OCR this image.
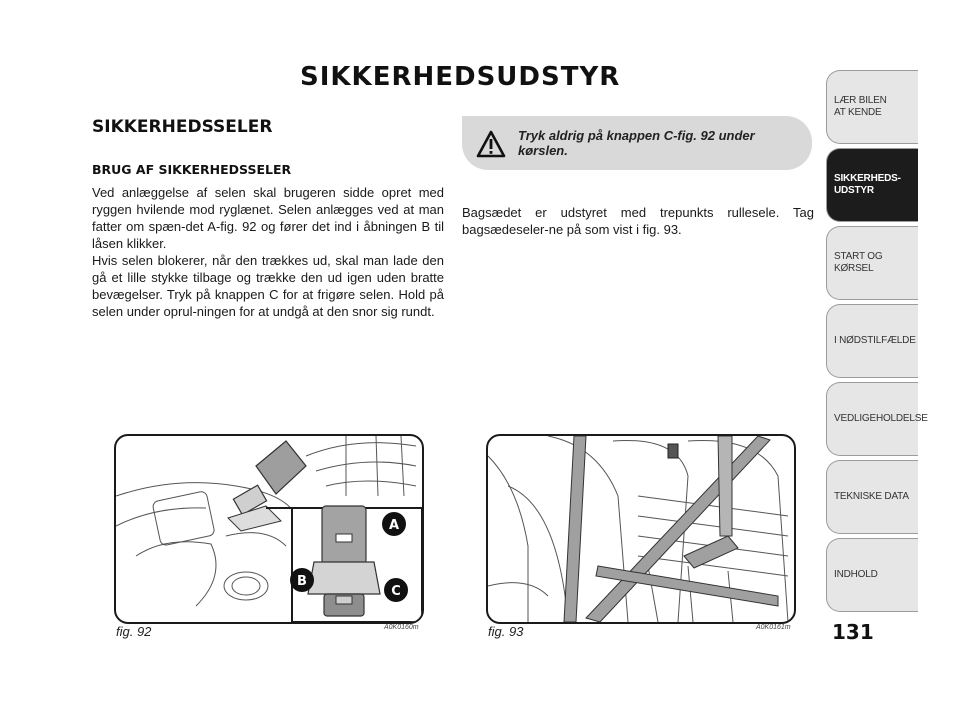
SIKKERHEDSUDSTYR
SIKKERHEDSSELER
BRUG AF SIKKERHEDSSELER

Ved anlæggelse af selen skal brugeren sidde opret med ryggen hvilende mod ryglænet. Selen anlægges ved at man fatter om spæn-det A-fig. 92 og fører det ind i åbningen B til låsen klikker.

Hvis selen blokerer, når den trækkes ud, skal man lade den gå et lille stykke tilbage og trække den ud igen uden bratte bevægelser. Tryk på knappen C for at frigøre selen. Hold på selen under oprul-ningen for at undgå at den snor sig rundt.

Tryk aldrig på knappen C-fig. 92 under kørslen.
Bagsædet er udstyret med trepunkts rullesele. Tag bagsædeseler-ne på som vist i fig. 93.
A
B
C
fig. 92	A0K0160m	fig. 93	A0K0161m 131
LÆR BILEN
AT KENDE
SIKKERHEDS-
UDSTYR
START OG KØRSEL
I NØDSTILFÆLDE
VEDLIGEHOLDELSE
TEKNISKE DATA
INDHOLD
